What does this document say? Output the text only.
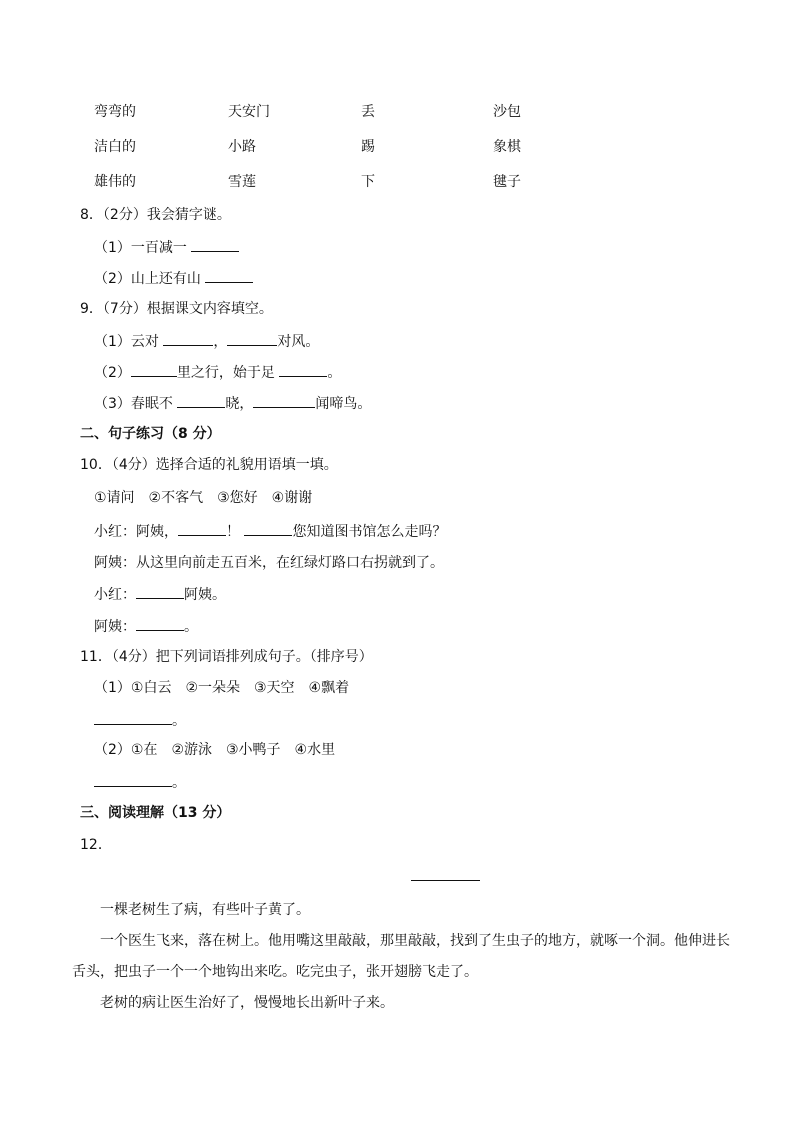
弯弯的	天安门	丢	沙包
洁白的	小路	踢	象棋
雄伟的	雪莲	下	毽子
8．（2分）我会猜字谜。
（1）一百减一
（2）山上还有山
9．（7分）根据课文内容填空。
（1）云对	，	对风。
（2）	里之行，始于足	。
（3）春眠不	晓，	闻啼鸟。
二、句子练习（8 分）
10．（4分）选择合适的礼貌用语填一填。
①请问　②不客气　③您好　④谢谢
小红：阿姨，	！	您知道图书馆怎么走吗？
阿姨：从这里向前走五百米，在红绿灯路口右拐就到了。
小红：	阿姨。
阿姨：	。
11．（4分）把下列词语排列成句子。（排序号）
（1）①白云　②一朵朵　③天空　④飘着
。
（2）①在　②游泳　③小鸭子　④水里
。
三、阅读理解（13 分）
12．
一棵老树生了病，有些叶子黄了。
一个医生飞来，落在树上。他用嘴这里敲敲，那里敲敲，找到了生虫子的地方，就啄一个洞。他伸进长舌头，把虫子一个一个地钩出来吃。吃完虫子，张开翅膀飞走了。
老树的病让医生治好了，慢慢地长出新叶子来。
